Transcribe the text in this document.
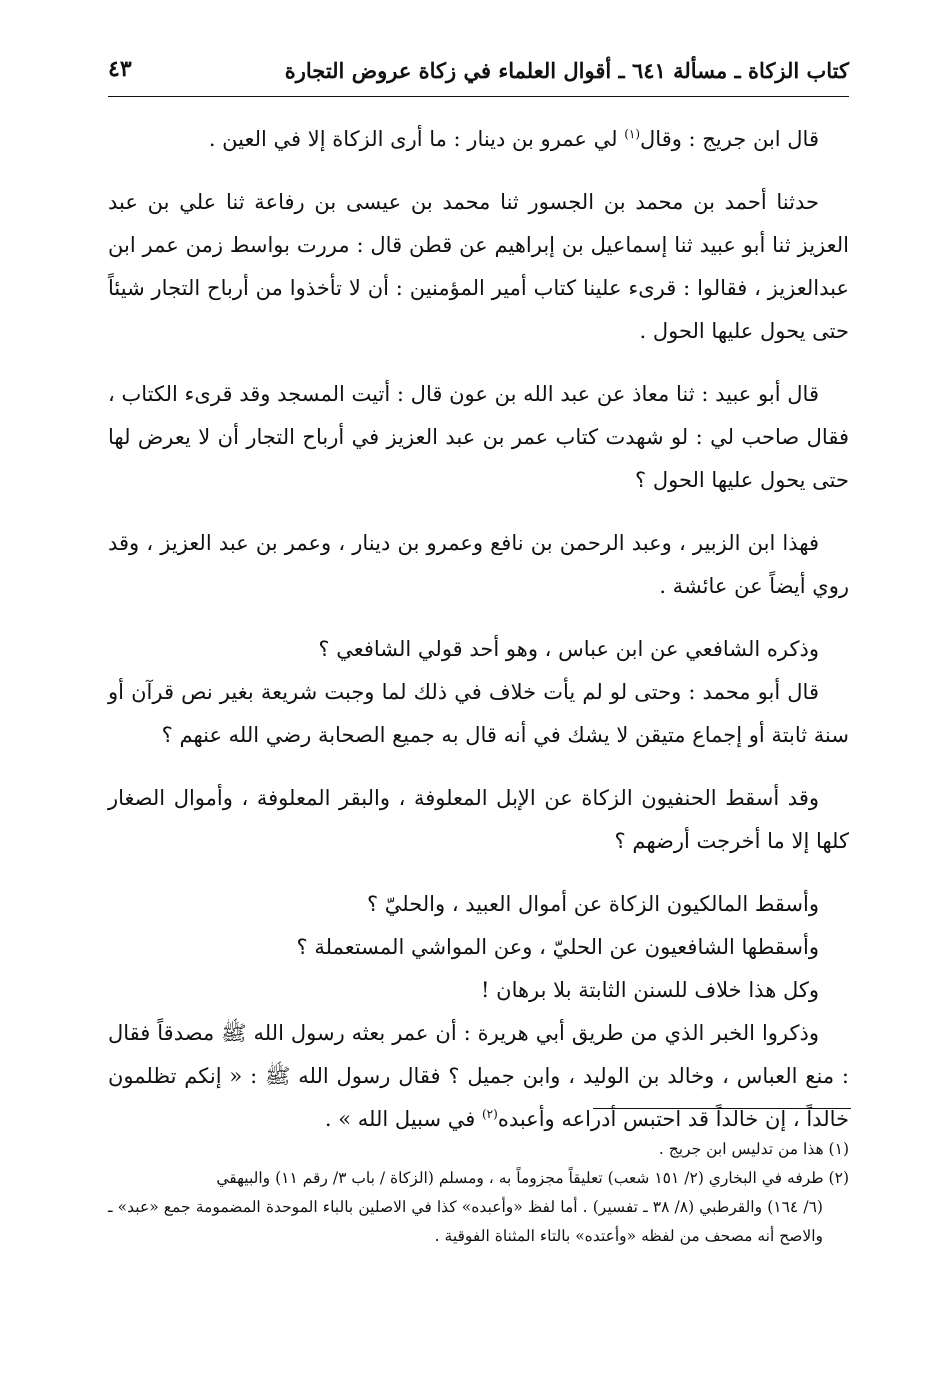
كتاب الزكاة ـ مسألة ٦٤١ ـ أقوال العلماء في زكاة عروض التجارة
٤٣

قال ابن جريج : وقال$^{(١)}$ لي عمرو بن دينار : ما أرى الزكاة إلا في العين .

حدثنا أحمد بن محمد بن الجسور ثنا محمد بن عيسى بن رفاعة ثنا علي بن عبد العزيز ثنا أبو عبيد ثنا إسماعيل بن إبراهيم عن قطن قال : مررت بواسط زمن عمر ابن عبدالعزيز ، فقالوا : قرىء علينا كتاب أمير المؤمنين : أن لا تأخذوا من أرباح التجار شيئاً حتى يحول عليها الحول .

قال أبو عبيد : ثنا معاذ عن عبد الله بن عون قال : أتيت المسجد وقد قرىء الكتاب ، فقال صاحب لي : لو شهدت كتاب عمر بن عبد العزيز في أرباح التجار أن لا يعرض لها حتى يحول عليها الحول ؟

فهذا ابن الزبير ، وعبد الرحمن بن نافع وعمرو بن دينار ، وعمر بن عبد العزيز ، وقد روي أيضاً عن عائشة .

وذكره الشافعي عن ابن عباس ، وهو أحد قولي الشافعي ؟

قال أبو محمد : وحتى لو لم يأت خلاف في ذلك لما وجبت شريعة بغير نص قرآن أو سنة ثابتة أو إجماع متيقن لا يشك في أنه قال به جميع الصحابة رضي الله عنهم ؟

وقد أسقط الحنفيون الزكاة عن الإبل المعلوفة ، والبقر المعلوفة ، وأموال الصغار كلها إلا ما أخرجت أرضهم ؟

وأسقط المالكيون الزكاة عن أموال العبيد ، والحليّ ؟

وأسقطها الشافعيون عن الحليّ ، وعن المواشي المستعملة ؟

وكل هذا خلاف للسنن الثابتة بلا برهان !

وذكروا الخبر الذي من طريق أبي هريرة : أن عمر بعثه رسول الله ﷺ مصدقاً فقال : منع العباس ، وخالد بن الوليد ، وابن جميل ؟ فقال رسول الله ﷺ : « إنكم تظلمون خالداً ، إن خالداً قد احتبس أدراعه وأعبده$^{(٢)}$ في سبيل الله » .

(١) هذا من تدليس ابن جريج .

(٢) طرفه في البخاري (٢/ ١٥١ شعب) تعليقاً مجزوماً به ، ومسلم (الزكاة / باب ٣/ رقم ١١) والبيهقي
(٦/ ١٦٤) والقرطبي (٨/ ٣٨ ـ تفسير) . أما لفظ «وأعبده» كذا في الاصلين بالباء الموحدة المضمومة جمع «عبد» ـ والاصح أنه مصحف من لفظه «وأعتده» بالتاء المثناة الفوقية .
